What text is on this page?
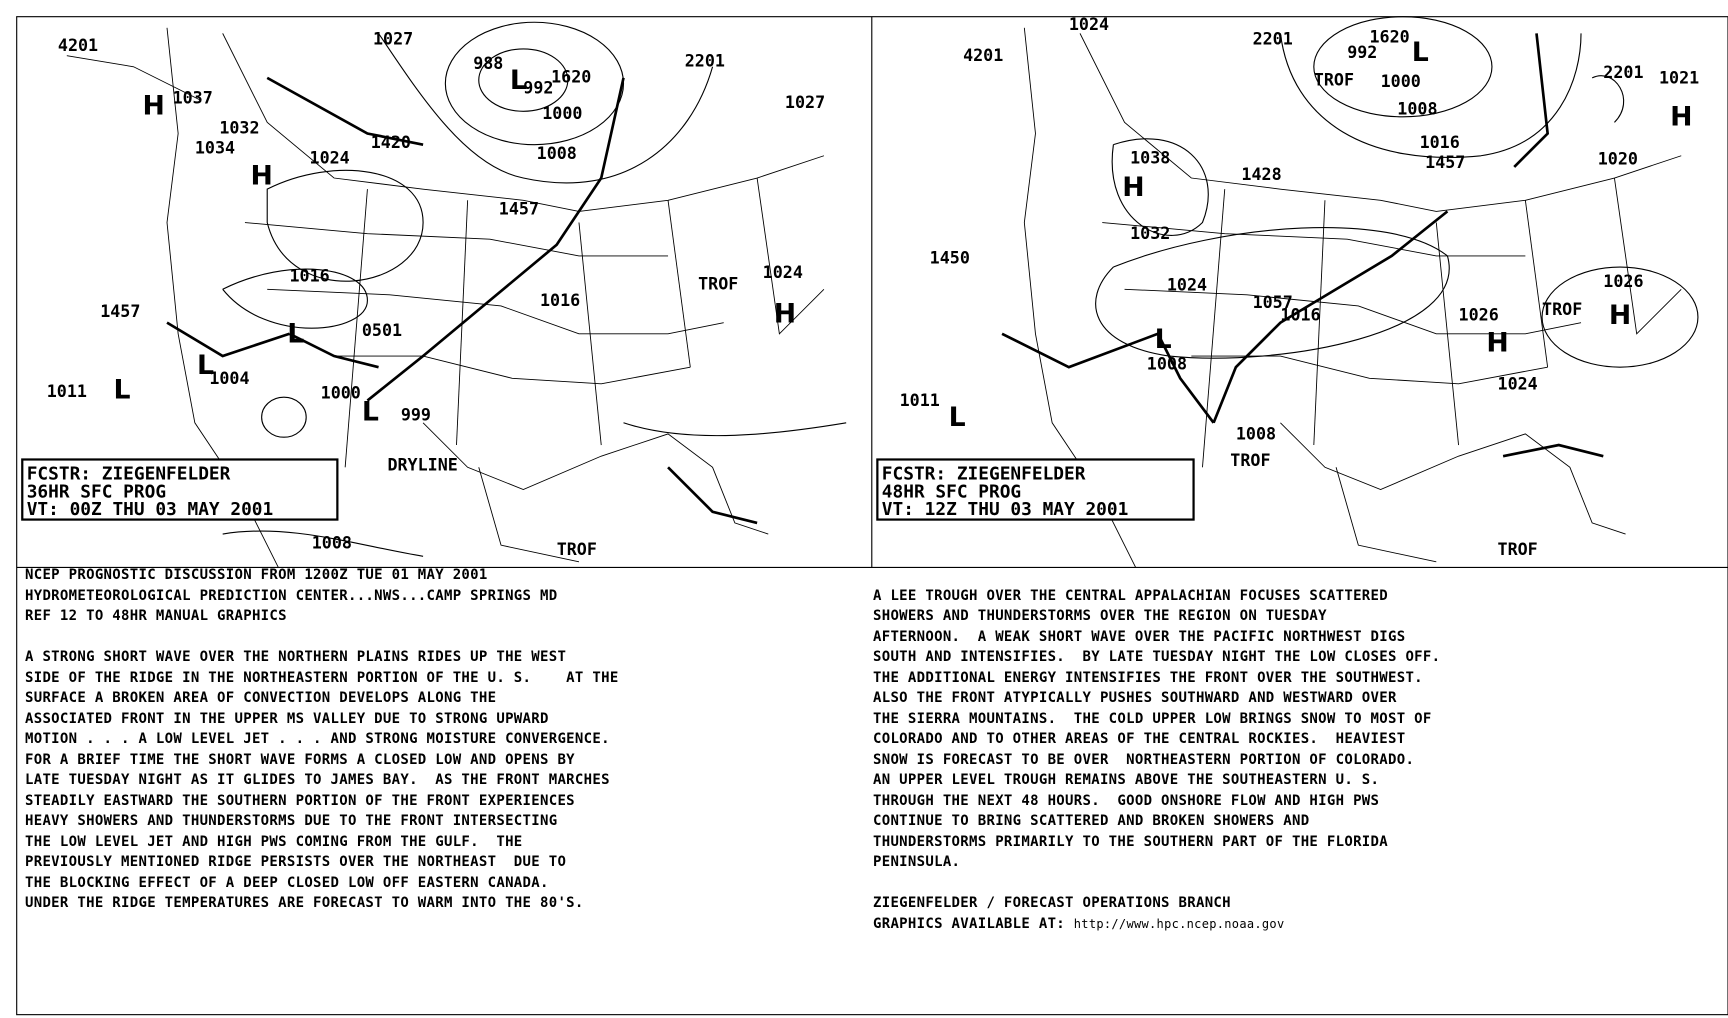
FCSTR: ZIEGENFELDER
36HR SFC PROG
VT: 00Z THU 03 MAY 2001
4201	1027
988
992
1620
1000
2201
1027
1037
1032
1034
1024
1420
1008
1457
1016
1457
1024
TROF
1016
0501
1004
1011	1000
999
DRYLINE
1008	TROF
H
H
H
L
L
L
L
L
FCSTR: ZIEGENFELDER
48HR SFC PROG
VT: 12Z THU 03 MAY 2001
1024
4201
2201
992
1620
TROF 1000
1008
2201 1021
1016
1457	1020
1038
1428
1032
1450
1024
1057
1016
1026
TROF
1026
1008
1011
1024
1008
TROF
TROF
L
H
H
H
H
L
L
NCEP PROGNOSTIC DISCUSSION FROM 1200Z TUE 01 MAY 2001
HYDROMETEOROLOGICAL PREDICTION CENTER...NWS...CAMP SPRINGS MD
REF 12 TO 48HR MANUAL GRAPHICS
A STRONG SHORT WAVE OVER THE NORTHERN PLAINS RIDES UP THE WEST
SIDE OF THE RIDGE IN THE NORTHEASTERN PORTION OF THE U. S.    AT THE
SURFACE A BROKEN AREA OF CONVECTION DEVELOPS ALONG THE
ASSOCIATED FRONT IN THE UPPER MS VALLEY DUE TO STRONG UPWARD
MOTION . . . A LOW LEVEL JET . . . AND STRONG MOISTURE CONVERGENCE.
FOR A BRIEF TIME THE SHORT WAVE FORMS A CLOSED LOW AND OPENS BY
LATE TUESDAY NIGHT AS IT GLIDES TO JAMES BAY.  AS THE FRONT MARCHES
STEADILY EASTWARD THE SOUTHERN PORTION OF THE FRONT EXPERIENCES
HEAVY SHOWERS AND THUNDERSTORMS DUE TO THE FRONT INTERSECTING
THE LOW LEVEL JET AND HIGH PWS COMING FROM THE GULF.  THE
PREVIOUSLY MENTIONED RIDGE PERSISTS OVER THE NORTHEAST  DUE TO
THE BLOCKING EFFECT OF A DEEP CLOSED LOW OFF EASTERN CANADA.
UNDER THE RIDGE TEMPERATURES ARE FORECAST TO WARM INTO THE 80'S.

A LEE TROUGH OVER THE CENTRAL APPALACHIAN FOCUSES SCATTERED
SHOWERS AND THUNDERSTORMS OVER THE REGION ON TUESDAY
AFTERNOON.  A WEAK SHORT WAVE OVER THE PACIFIC NORTHWEST DIGS
SOUTH AND INTENSIFIES.  BY LATE TUESDAY NIGHT THE LOW CLOSES OFF.
THE ADDITIONAL ENERGY INTENSIFIES THE FRONT OVER THE SOUTHWEST.
ALSO THE FRONT ATYPICALLY PUSHES SOUTHWARD AND WESTWARD OVER
THE SIERRA MOUNTAINS.  THE COLD UPPER LOW BRINGS SNOW TO MOST OF
COLORADO AND TO OTHER AREAS OF THE CENTRAL ROCKIES.  HEAVIEST
SNOW IS FORECAST TO BE OVER  NORTHEASTERN PORTION OF COLORADO.
AN UPPER LEVEL TROUGH REMAINS ABOVE THE SOUTHEASTERN U. S.
THROUGH THE NEXT 48 HOURS.  GOOD ONSHORE FLOW AND HIGH PWS
CONTINUE TO BRING SCATTERED AND BROKEN SHOWERS AND
THUNDERSTORMS PRIMARILY TO THE SOUTHERN PART OF THE FLORIDA
PENINSULA.
ZIEGENFELDER / FORECAST OPERATIONS BRANCH
GRAPHICS AVAILABLE AT: http://www.hpc.ncep.noaa.gov
